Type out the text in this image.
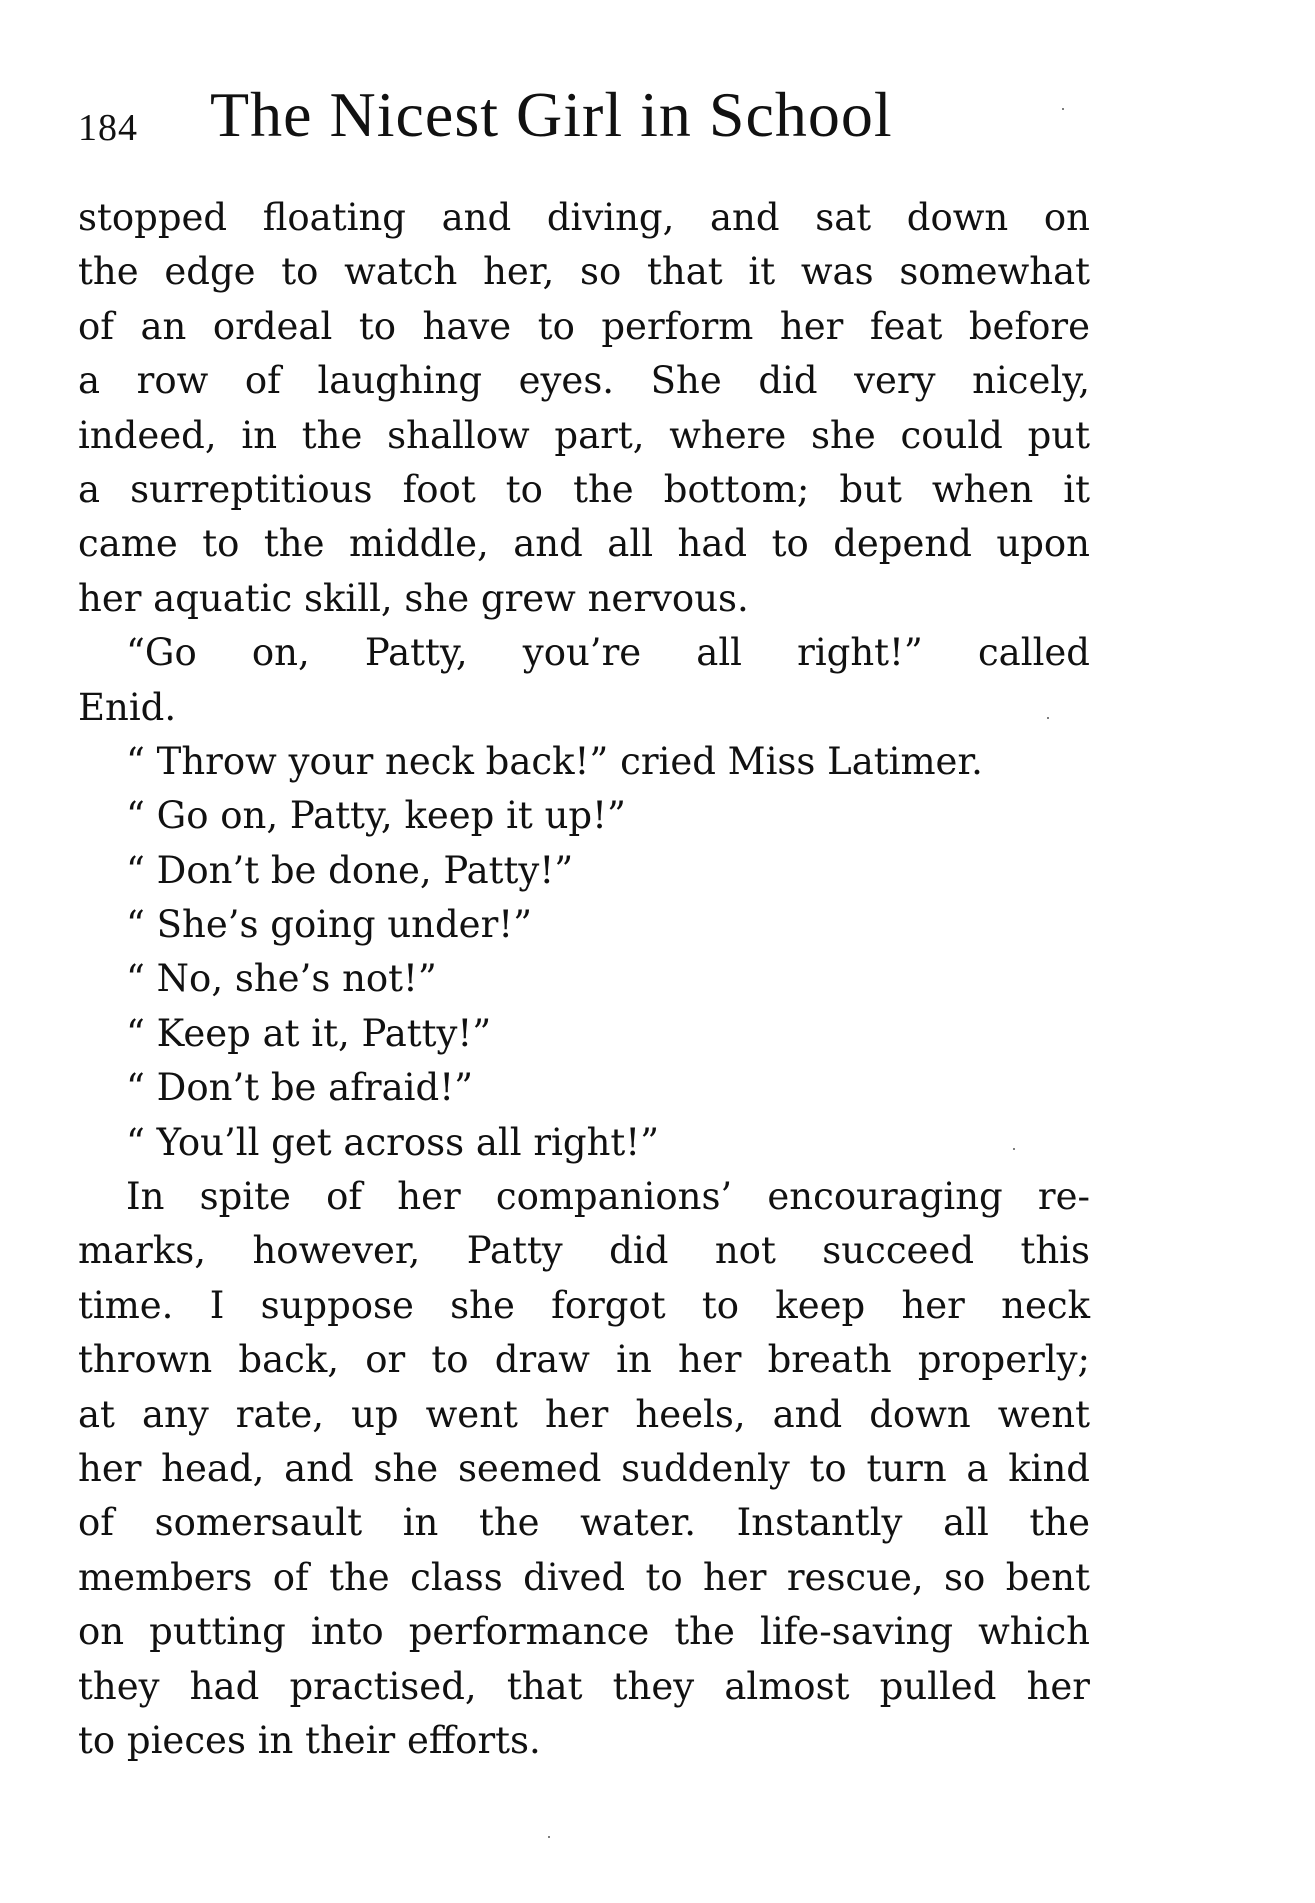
184 The Nicest Girl in School
stopped floating and diving, and sat down on
the edge to watch her, so that it was somewhat
of an ordeal to have to perform her feat before
a row of laughing eyes. She did very nicely,
indeed, in the shallow part, where she could put
a surreptitious foot to the bottom; but when it
came to the middle, and all had to depend upon
her aquatic skill, she grew nervous.
“Go on, Patty, you’re all right!” called
Enid.
“ Throw your neck back!” cried Miss Latimer.
“ Go on, Patty, keep it up!”
“ Don’t be done, Patty!”
“ She’s going under!”
“ No, she’s not!”
“ Keep at it, Patty!”
“ Don’t be afraid!”
“ You’ll get across all right!”
In spite of her companions’ encouraging re-
marks, however, Patty did not succeed this
time. I suppose she forgot to keep her neck
thrown back, or to draw in her breath properly;
at any rate, up went her heels, and down went
her head, and she seemed suddenly to turn a kind
of somersault in the water. Instantly all the
members of the class dived to her rescue, so bent
on putting into performance the life-saving which
they had practised, that they almost pulled her
to pieces in their efforts.
